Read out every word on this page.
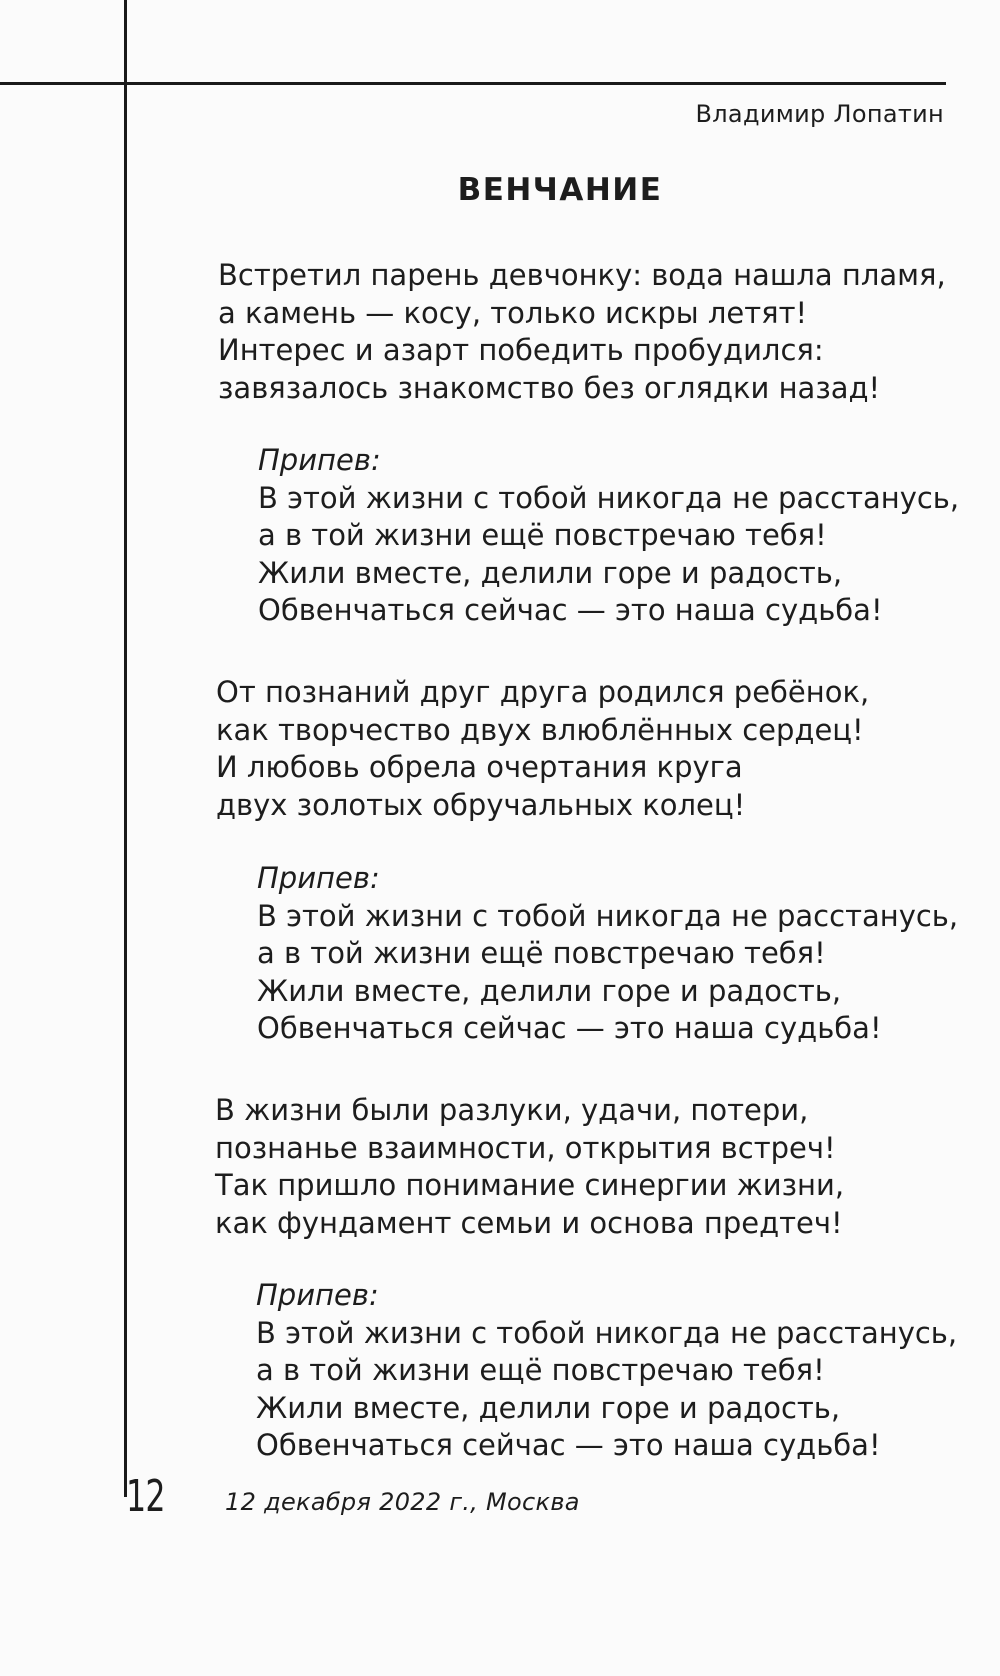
Владимир Лопатин
ВЕНЧАНИЕ

Встретил парень девчонку: вода нашла пламя,
а камень — косу, только искры летят!
Интерес и азарт победить пробудился:
завязалось знакомство без оглядки назад!

Припев:
В этой жизни с тобой никогда не расстанусь,
а в той жизни ещё повстречаю тебя!
Жили вместе, делили горе и радость,
Обвенчаться сейчас — это наша судьба!

От познаний друг друга родился ребёнок,
как творчество двух влюблённых сердец!
И любовь обрела очертания круга
двух золотых обручальных колец!

Припев:
В этой жизни с тобой никогда не расстанусь,
а в той жизни ещё повстречаю тебя!
Жили вместе, делили горе и радость,
Обвенчаться сейчас — это наша судьба!

В жизни были разлуки, удачи, потери,
познанье взаимности, открытия встреч!
Так пришло понимание синергии жизни,
как фундамент семьи и основа предтеч!

Припев:
В этой жизни с тобой никогда не расстанусь,
а в той жизни ещё повстречаю тебя!
Жили вместе, делили горе и радость,
Обвенчаться сейчас — это наша судьба!

12	12 декабря 2022 г., Москва
